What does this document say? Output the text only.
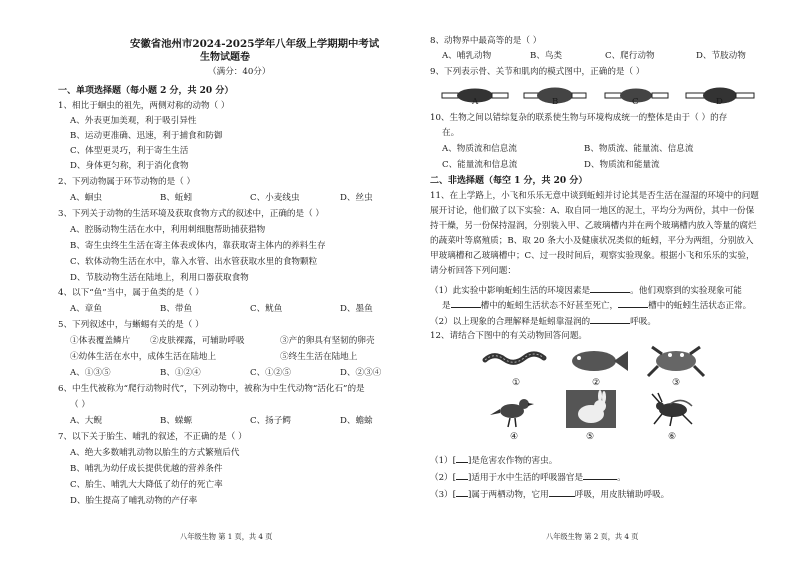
安徽省池州市2024-2025学年八年级上学期期中考试
生物试题卷
（满分：40分）
一、单项选择题（每小题 2 分，共 20 分）
1、相比于蛔虫的祖先，两侧对称的动物（ ）
A、外表更加美观，利于吸引异性
B、运动更准确、迅速，利于捕食和防御
C、体型更灵巧，利于寄生生活
D、身体更匀称，利于消化食物
2、下列动物属于环节动物的是（ ）
A、蛔虫	B、蚯蚓	C、小麦线虫	D、丝虫
3、下列关于动物的生活环境及获取食物方式的叙述中，正确的是（ ）
A、腔肠动物生活在水中，利用刺细胞帮助捕获猎物
B、寄生虫终生生活在寄主体表或体内，靠获取寄主体内的养料生存
C、软体动物生活在水中，靠入水管、出水管获取水里的食物颗粒
D、节肢动物生活在陆地上，利用口器获取食物
4、以下“鱼”当中，属于鱼类的是（ ）
A、章鱼	B、带鱼	C、鱿鱼	D、墨鱼
5、下列叙述中，与蜥蜴有关的是（ ）
①体表覆盖鳞片 ②皮肤裸露，可辅助呼吸	③产的卵具有坚韧的卵壳
④幼体生活在水中，成体生活在陆地上	⑤终生生活在陆地上
A、①③⑤	B、①②④	C、①②⑤	D、②③④
6、中生代被称为“爬行动物时代”，下列动物中，被称为中生代动物“活化石”的是
（ ）
A、大鲵	B、蝾螈	C、扬子鳄	D、蟾蜍
7、以下关于胎生、哺乳的叙述，不正确的是（ ）
A、绝大多数哺乳动物以胎生的方式繁殖后代
B、哺乳为幼仔成长提供优越的营养条件
C、胎生、哺乳大大降低了幼仔的死亡率
D、胎生提高了哺乳动物的产仔率
八年级生物 第 1 页，共 4 页
8、动物界中最高等的是（ ）
A、哺乳动物	B、鸟类	C、爬行动物	D、节肢动物
9、下列表示骨、关节和肌肉的模式图中，正确的是（ ）
A	B	C	D
10、生物之间以错综复杂的联系使生物与环境构成统一的整体是由于（ ）的存
在。
A、物质流和信息流	B、物质流、能量流、信息流
C、能量流和信息流	D、物质流和能量流
二、非选择题（每空 1 分，共 20 分）
11、在上学路上，小飞和乐乐无意中谈到蚯蚓并讨论其是否生活在湿湿的环境中的问题
展开讨论，他们做了以下实验：A、取自同一地区的泥土，平均分为两份，其中一份保
持干燥，另一份保持湿润，分别装入甲、乙玻璃槽内并在两个玻璃槽内放入等量的腐烂
的蔬菜叶等腐殖质；B、取 20 条大小及健康状况类似的蚯蚓，平分为两组，分别放入
甲玻璃槽和乙玻璃槽中；C、过一段时间后，观察实验现象。根据小飞和乐乐的实验，
请分析回答下列问题：
（1）此实验中影响蚯蚓生活的环境因素是	。他们观察到的实验现象可能
是	槽中的蚯蚓生活状态不好甚至死亡，	槽中的蚯蚓生活状态正常。
（2）以上现象的合理解释是蚯蚓靠湿润的	呼吸。
12、请结合下图中的有关动物回答问题。
①	②	③
④	⑤	⑥
（1）[ ]是危害农作物的害虫。
（2）[ ]适用于水中生活的呼吸器官是	。
（3）[ ]属于两栖动物，它用	呼吸，用皮肤辅助呼吸。
八年级生物 第 2 页，共 4 页
